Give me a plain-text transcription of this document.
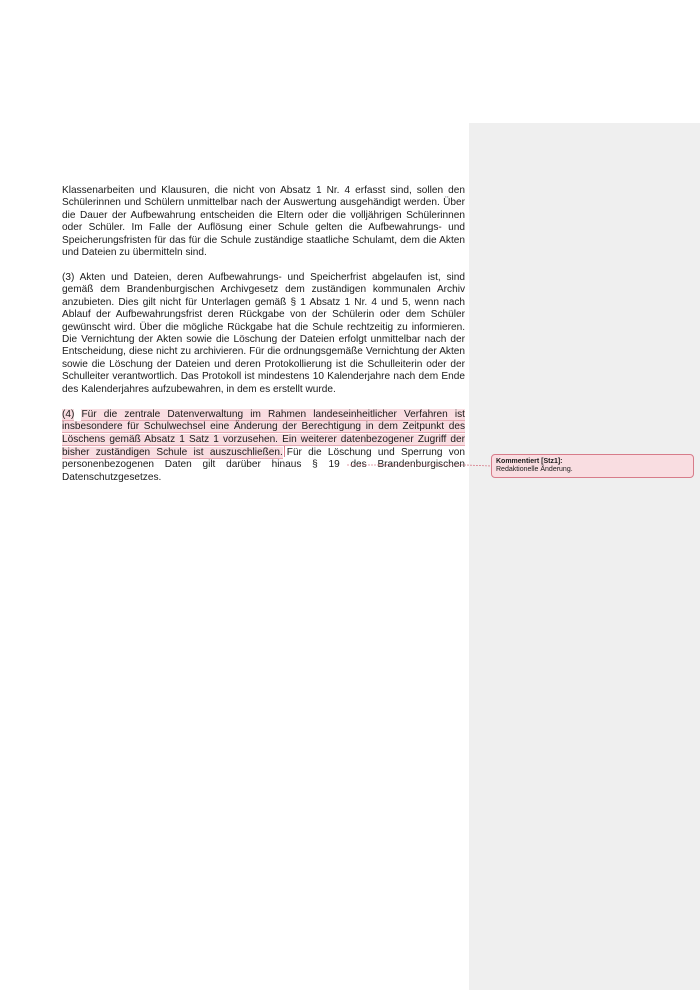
Klassenarbeiten und Klausuren, die nicht von Absatz 1 Nr. 4 erfasst sind, sollen den Schülerinnen und Schülern unmittelbar nach der Auswertung ausgehändigt werden. Über die Dauer der Aufbewahrung entscheiden die Eltern oder die volljährigen Schülerinnen oder Schüler. Im Falle der Auflösung einer Schule gelten die Aufbewahrungs- und Speicherungsfristen für das für die Schule zuständige staatliche Schulamt, dem die Akten und Dateien zu übermitteln sind.

(3) Akten und Dateien, deren Aufbewahrungs- und Speicherfrist abgelaufen ist, sind gemäß dem Brandenburgischen Archivgesetz dem zuständigen kommunalen Archiv anzubieten. Dies gilt nicht für Unterlagen gemäß § 1 Absatz 1 Nr. 4 und 5, wenn nach Ablauf der Aufbewahrungsfrist deren Rückgabe von der Schülerin oder dem Schüler gewünscht wird. Über die mögliche Rückgabe hat die Schule rechtzeitig zu informieren. Die Vernichtung der Akten sowie die Löschung der Dateien erfolgt unmittelbar nach der Entscheidung, diese nicht zu archivieren. Für die ordnungsgemäße Vernichtung der Akten sowie die Löschung der Dateien und deren Protokollierung ist die Schulleiterin oder der Schulleiter verantwortlich. Das Protokoll ist mindestens 10 Kalenderjahre nach dem Ende des Kalenderjahres aufzubewahren, in dem es erstellt wurde.

(4) Für die zentrale Datenverwaltung im Rahmen landeseinheitlicher Verfahren ist insbesondere für Schulwechsel eine Änderung der Berechtigung in dem Zeitpunkt des Löschens gemäß Absatz 1 Satz 1 vorzusehen. Ein weiterer datenbezogener Zugriff der bisher zuständigen Schule ist auszuschließen. Für die Löschung und Sperrung von personenbezogenen Daten gilt darüber hinaus § 19 des Brandenburgischen Datenschutzgesetzes.

Kommentiert [Stz1]:
Redaktionelle Änderung.
